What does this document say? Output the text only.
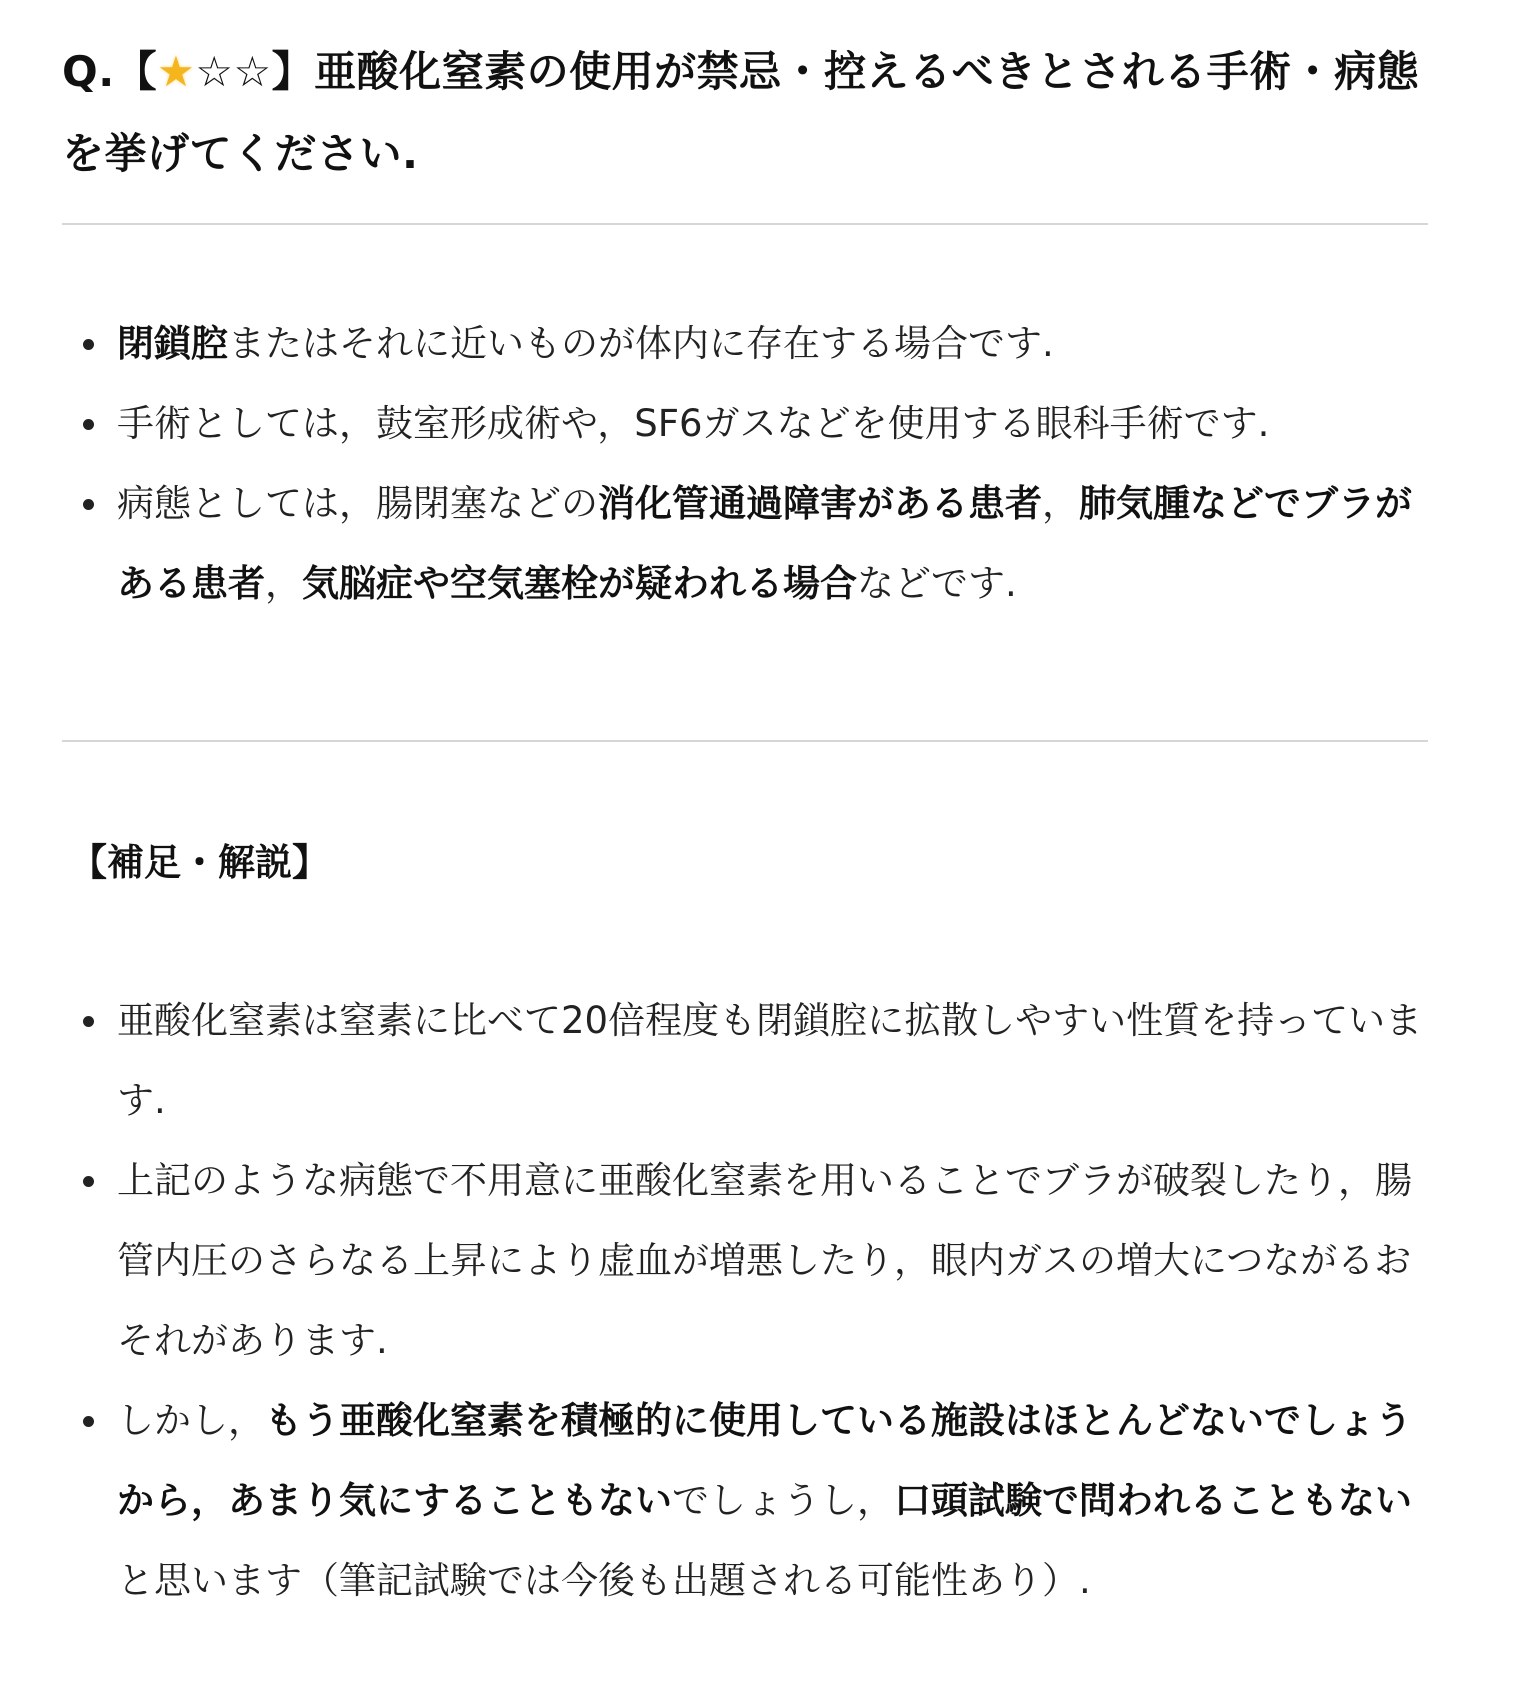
Q.【★☆☆】亜酸化窒素の使用が禁忌・控えるべきとされる手術・病態を挙げてください.
閉鎖腔またはそれに近いものが体内に存在する場合です.
手術としては，鼓室形成術や，SF6ガスなどを使用する眼科手術です.
病態としては，腸閉塞などの消化管通過障害がある患者，肺気腫などでブラがある患者，気脳症や空気塞栓が疑われる場合などです.
【補足・解説】
亜酸化窒素は窒素に比べて20倍程度も閉鎖腔に拡散しやすい性質を持っています.
上記のような病態で不用意に亜酸化窒素を用いることでブラが破裂したり，腸管内圧のさらなる上昇により虚血が増悪したり，眼内ガスの増大につながるおそれがあります.
しかし，もう亜酸化窒素を積極的に使用している施設はほとんどないでしょうから，あまり気にすることもないでしょうし，口頭試験で問われることもないと思います（筆記試験では今後も出題される可能性あり）.
